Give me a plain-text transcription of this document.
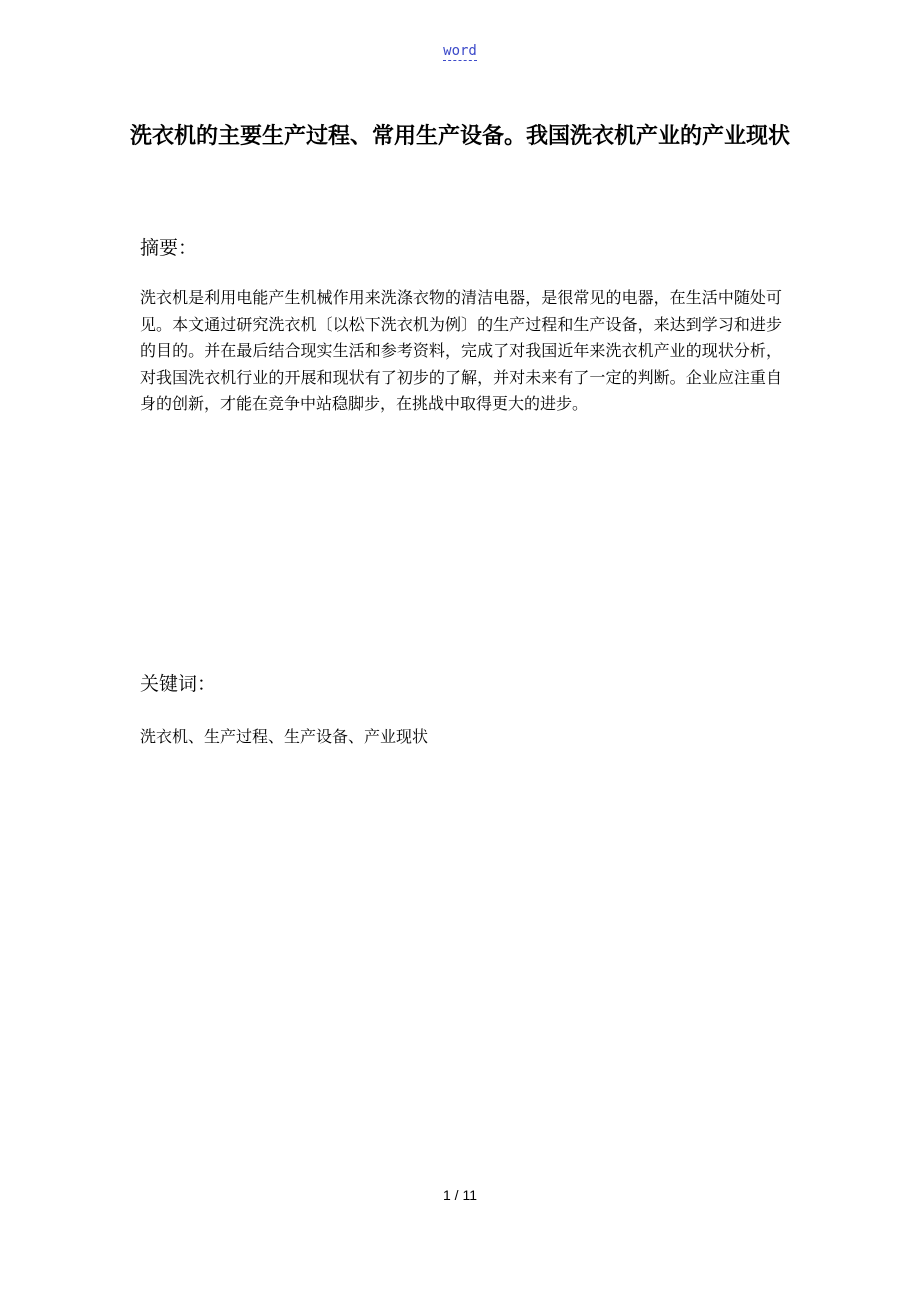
word
洗衣机的主要生产过程、常用生产设备。我国洗衣机产业的产业现状
摘要：

洗衣机是利用电能产生机械作用来洗涤衣物的清洁电器，是很常见的电器，在生活中随处可见。本文通过研究洗衣机〔以松下洗衣机为例〕的生产过程和生产设备，来达到学习和进步的目的。并在最后结合现实生活和参考资料，完成了对我国近年来洗衣机产业的现状分析，对我国洗衣机行业的开展和现状有了初步的了解，并对未来有了一定的判断。企业应注重自身的创新，才能在竞争中站稳脚步，在挑战中取得更大的进步。

关键词：

洗衣机、生产过程、生产设备、产业现状

1 / 11
